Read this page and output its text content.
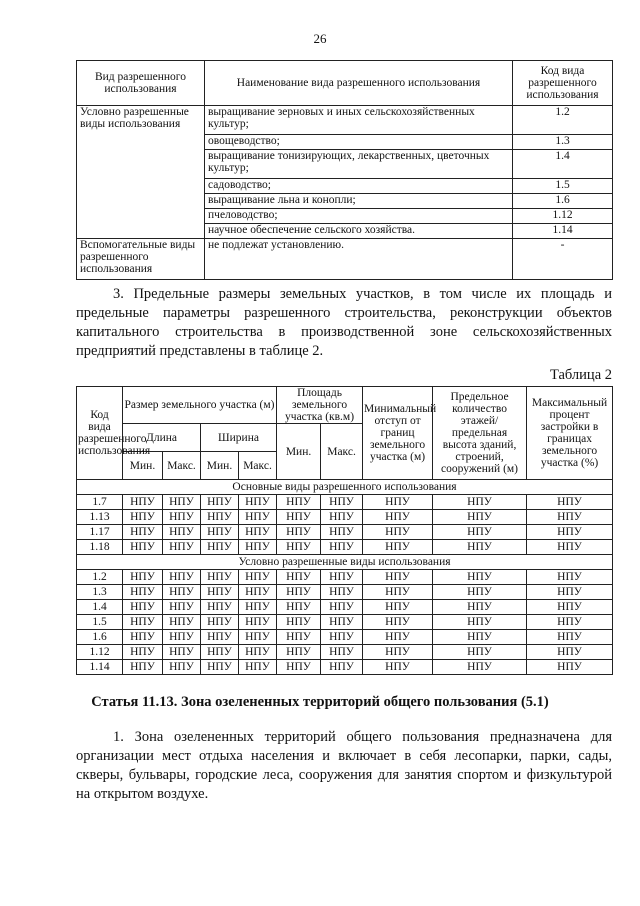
26
Вид разрешенного использования	Наименование вида разрешенного использования	Код вида разрешенного использования
Условно разрешенные виды использования	выращивание зерновых и иных сельскохозяйственных культур;	1.2
	овощеводство;	1.3
	выращивание тонизирующих, лекарственных, цветочных культур;	1.4
	садоводство;	1.5
	выращивание льна и конопли;	1.6
	пчеловодство;	1.12
	научное обеспечение сельского хозяйства.	1.14
Вспомогательные виды разрешенного использования	не подлежат установлению.	-
3. Предельные размеры земельных участков, в том числе их площадь и предельные параметры разрешенного строительства, реконструкции объектов капитального строительства в производственной зоне сельскохозяйственных предприятий представлены в таблице 2.
Таблица 2
Код вида разрешенного использования	Размер земельного участка (м)				Площадь земельного участка (кв.м)		Минимальный отступ от границ земельного участка (м)	Предельное количество этажей/ предельная высота зданий, строений, сооружений (м)	Максимальный процент застройки в границах земельного участка (%)
	Длина		Ширина		Мин.	Макс.			
	Мин.	Макс.	Мин.	Макс.					
Основные виды разрешенного использования									
1.7	НПУ	НПУ	НПУ	НПУ	НПУ	НПУ	НПУ	НПУ	НПУ
1.13	НПУ	НПУ	НПУ	НПУ	НПУ	НПУ	НПУ	НПУ	НПУ
1.17	НПУ	НПУ	НПУ	НПУ	НПУ	НПУ	НПУ	НПУ	НПУ
1.18	НПУ	НПУ	НПУ	НПУ	НПУ	НПУ	НПУ	НПУ	НПУ
Условно разрешенные виды использования									
1.2	НПУ	НПУ	НПУ	НПУ	НПУ	НПУ	НПУ	НПУ	НПУ
1.3	НПУ	НПУ	НПУ	НПУ	НПУ	НПУ	НПУ	НПУ	НПУ
1.4	НПУ	НПУ	НПУ	НПУ	НПУ	НПУ	НПУ	НПУ	НПУ
1.5	НПУ	НПУ	НПУ	НПУ	НПУ	НПУ	НПУ	НПУ	НПУ
1.6	НПУ	НПУ	НПУ	НПУ	НПУ	НПУ	НПУ	НПУ	НПУ
1.12	НПУ	НПУ	НПУ	НПУ	НПУ	НПУ	НПУ	НПУ	НПУ
1.14	НПУ	НПУ	НПУ	НПУ	НПУ	НПУ	НПУ	НПУ	НПУ
Статья 11.13. Зона озелененных территорий общего пользования (5.1)
1. Зона озелененных территорий общего пользования предназначена для организации мест отдыха населения и включает в себя лесопарки, парки, сады, скверы, бульвары, городские леса, сооружения для занятия спортом и физкультурой на открытом воздухе.
